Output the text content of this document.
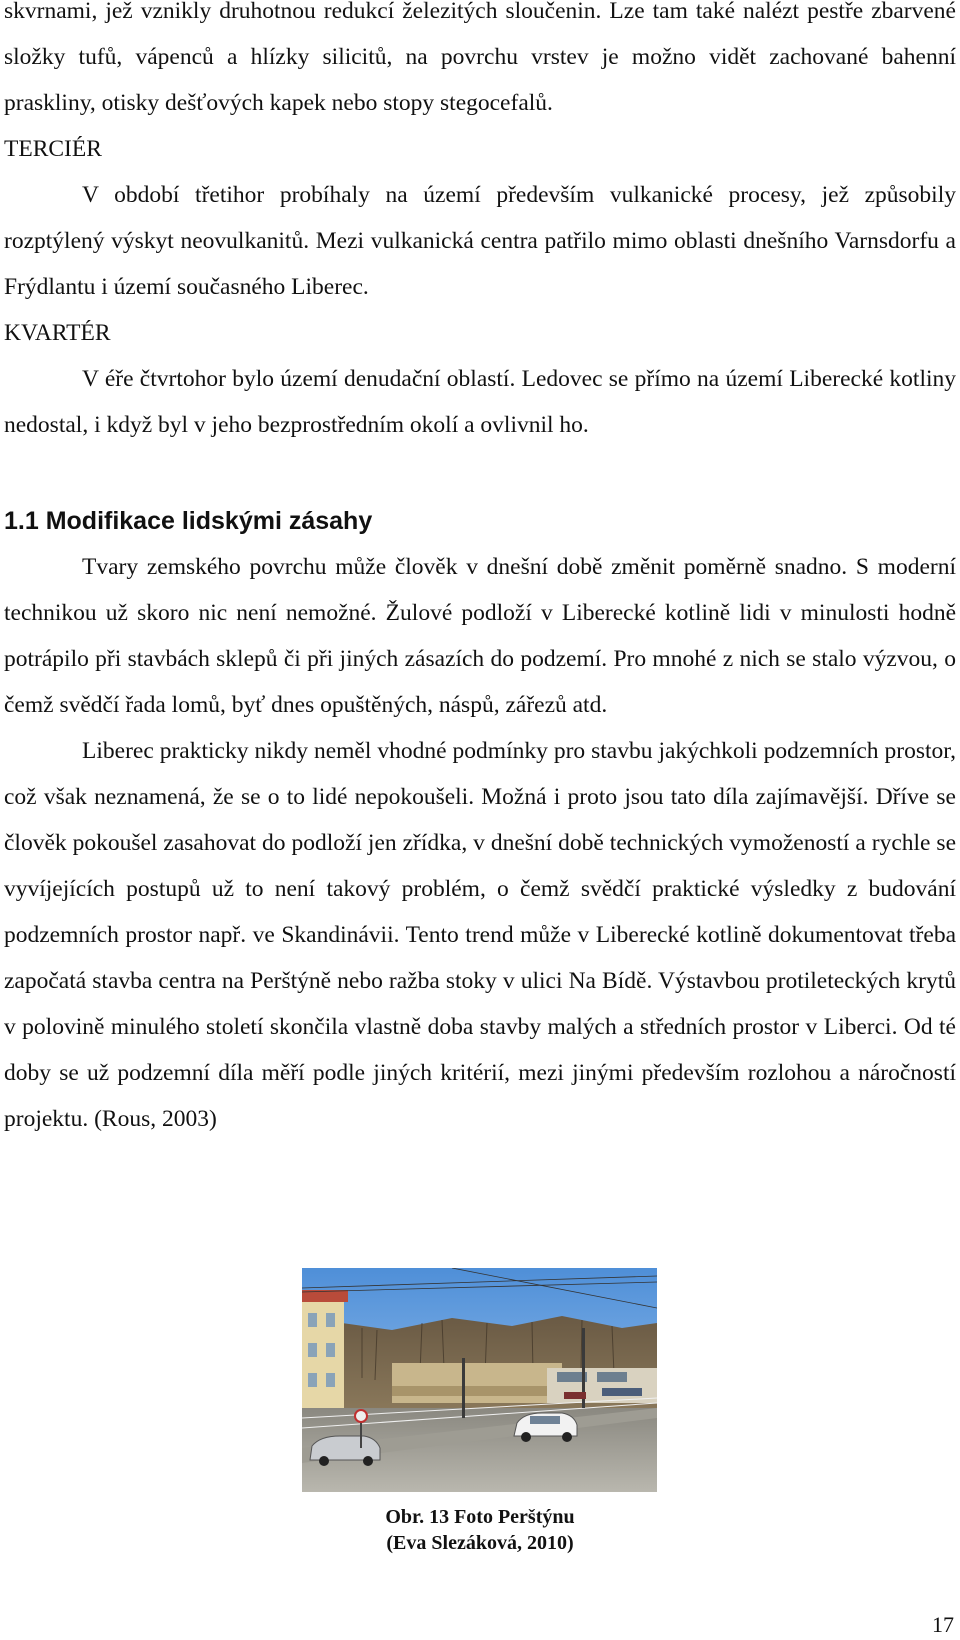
skvrnami, jež vznikly druhotnou redukcí železitých sloučenin. Lze tam také nalézt pestře zbarvené složky tufů, vápenců a hlízky silicitů, na povrchu vrstev je možno vidět zachované bahenní praskliny, otisky dešťových kapek nebo stopy stegocefalů.

TERCIÉR

V období třetihor probíhaly na území především vulkanické procesy, jež způsobily rozptýlený výskyt neovulkanitů. Mezi vulkanická centra patřilo mimo oblasti dnešního Varnsdorfu a Frýdlantu i území současného Liberec.

KVARTÉR

V éře čtvrtohor bylo území denudační oblastí. Ledovec se přímo na území Liberecké kotliny nedostal, i když byl v jeho bezprostředním okolí a ovlivnil ho.

1.1 Modifikace lidskými zásahy

Tvary zemského povrchu může člověk v dnešní době změnit poměrně snadno. S moderní technikou už skoro nic není nemožné. Žulové podloží v Liberecké kotlině lidi v minulosti hodně potrápilo při stavbách sklepů či při jiných zásazích do podzemí. Pro mnohé z nich se stalo výzvou, o čemž svědčí řada lomů, byť dnes opuštěných, náspů, zářezů atd.

Liberec prakticky nikdy neměl vhodné podmínky pro stavbu jakýchkoli podzemních prostor, což však neznamená, že se o to lidé nepokoušeli. Možná i proto jsou tato díla zajímavější. Dříve se člověk pokoušel zasahovat do podloží jen zřídka, v dnešní době technických vymožeností a rychle se vyvíjejících postupů už to není takový problém, o čemž svědčí praktické výsledky z budování podzemních prostor např. ve Skandinávii. Tento trend může v Liberecké kotlině dokumentovat třeba započatá stavba centra na Perštýně nebo ražba stoky v ulici Na Bídě. Výstavbou protileteckých krytů v polovině minulého století skončila vlastně doba stavby malých a středních prostor v Liberci. Od té doby se už podzemní díla měří podle jiných kritérií, mezi jinými především rozlohou a náročností projektu. (Rous, 2003)

Obr. 13 Foto Perštýnu
(Eva Slezáková, 2010)
17
